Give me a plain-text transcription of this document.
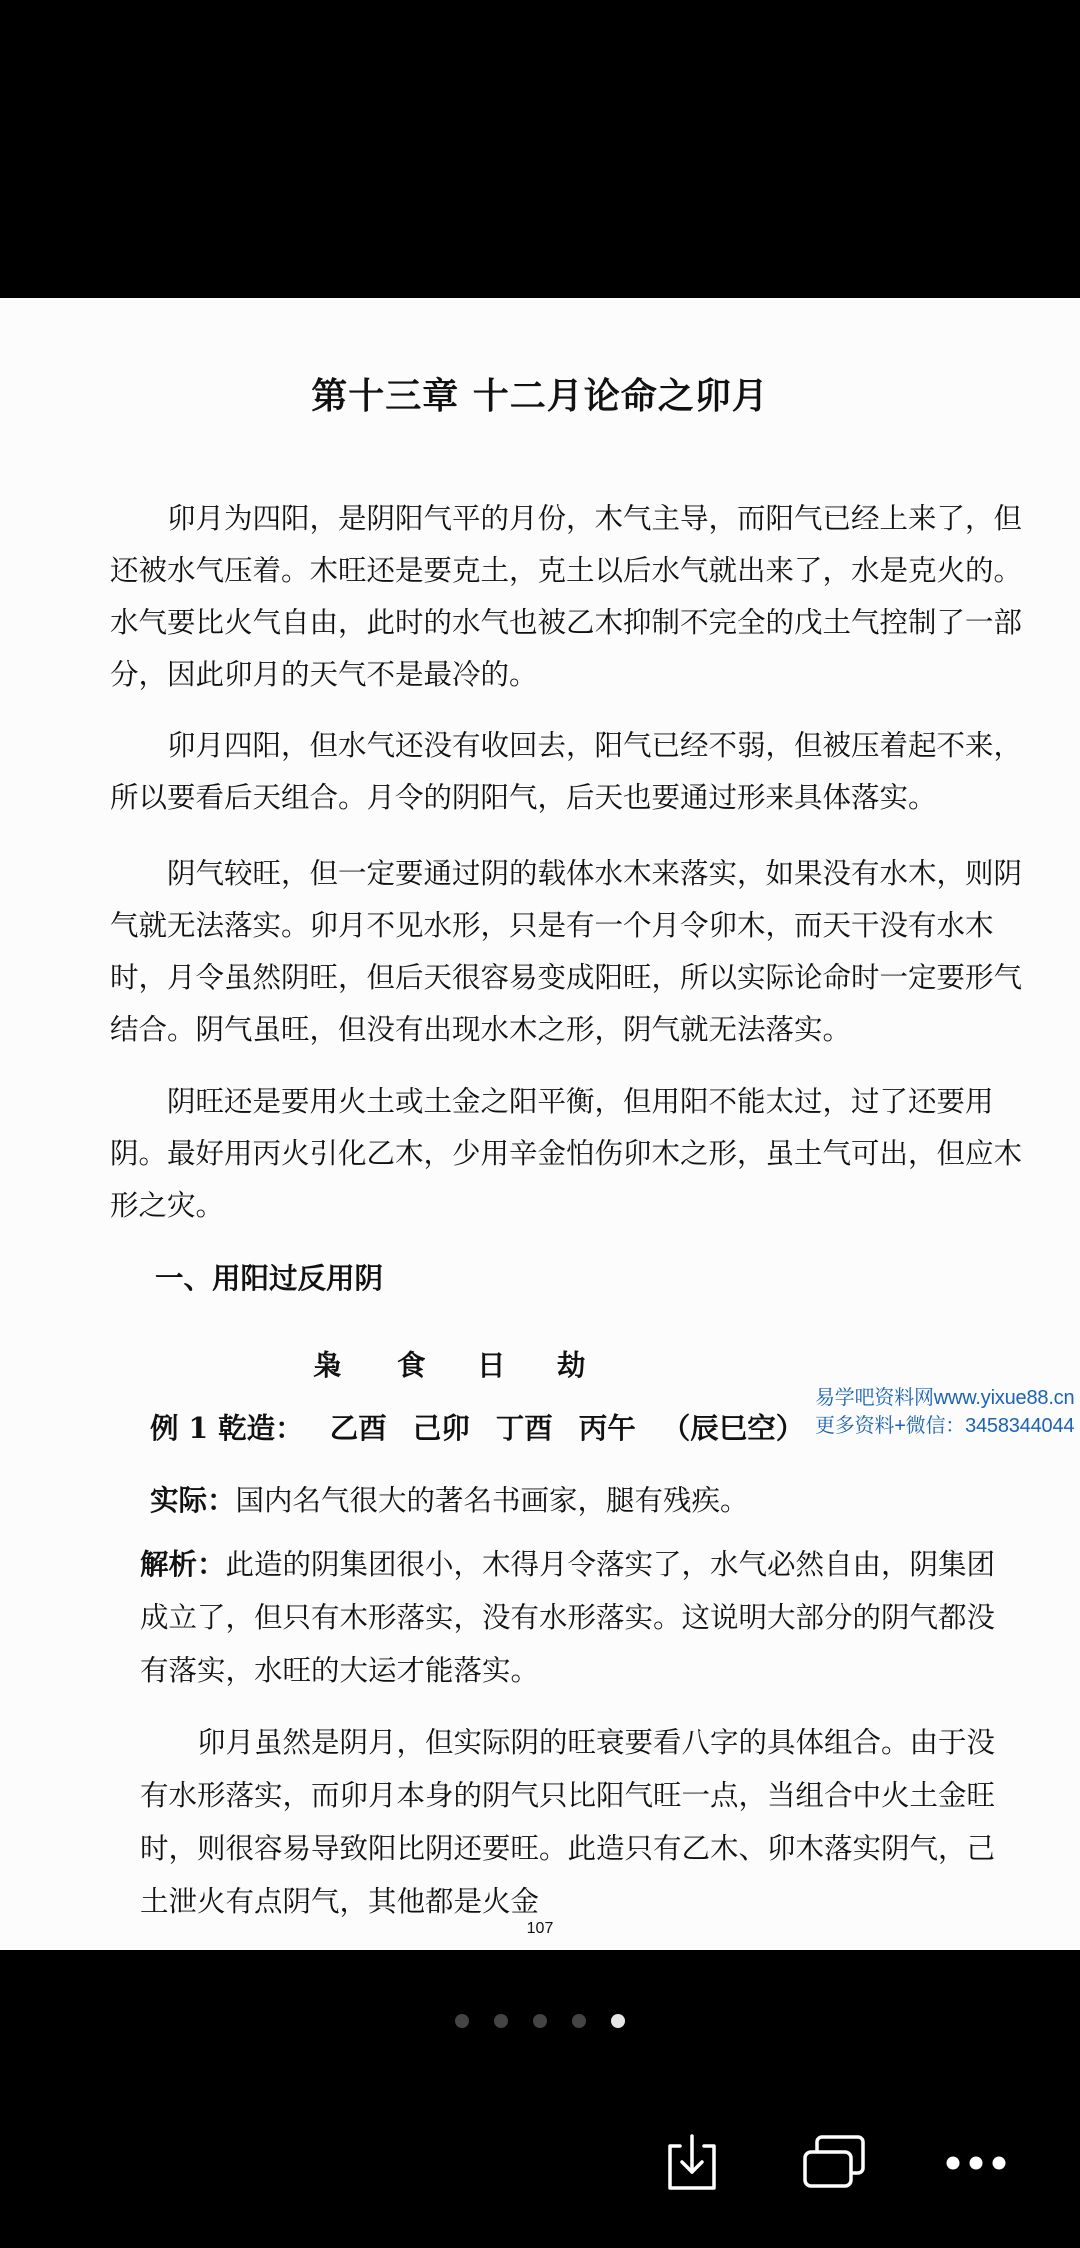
第十三章 十二月论命之卯月

卯月为四阳，是阴阳气平的月份，木气主导，而阳气已经上来了，但还被水气压着。木旺还是要克土，克土以后水气就出来了，水是克火的。水气要比火气自由，此时的水气也被乙木抑制不完全的戊土气控制了一部分，因此卯月的天气不是最冷的。

卯月四阳，但水气还没有收回去，阳气已经不弱，但被压着起不来，所以要看后天组合。月令的阴阳气，后天也要通过形来具体落实。

阴气较旺，但一定要通过阴的载体水木来落实，如果没有水木，则阴气就无法落实。卯月不见水形，只是有一个月令卯木，而天干没有水木时，月令虽然阴旺，但后天很容易变成阳旺，所以实际论命时一定要形气结合。阴气虽旺，但没有出现水木之形，阴气就无法落实。

阴旺还是要用火土或土金之阳平衡，但用阳不能太过，过了还要用阴。最好用丙火引化乙木，少用辛金怕伤卯木之形，虽土气可出，但应木形之灾。

易学吧资料网www.yixue88.cn
更多资料+微信：3458344044
一、用阳过反用阴
枭 食 日 劫
例 1 乾造： 乙酉 己卯 丁酉 丙午 （辰巳空）
实际：国内名气很大的著名书画家，腿有残疾。

解析：此造的阴集团很小，木得月令落实了，水气必然自由，阴集团成立了，但只有木形落实，没有水形落实。这说明大部分的阴气都没有落实，水旺的大运才能落实。

卯月虽然是阴月，但实际阴的旺衰要看八字的具体组合。由于没有水形落实，而卯月本身的阴气只比阳气旺一点，当组合中火土金旺时，则很容易导致阳比阴还要旺。此造只有乙木、卯木落实阴气，己土泄火有点阴气，其他都是火金

107
